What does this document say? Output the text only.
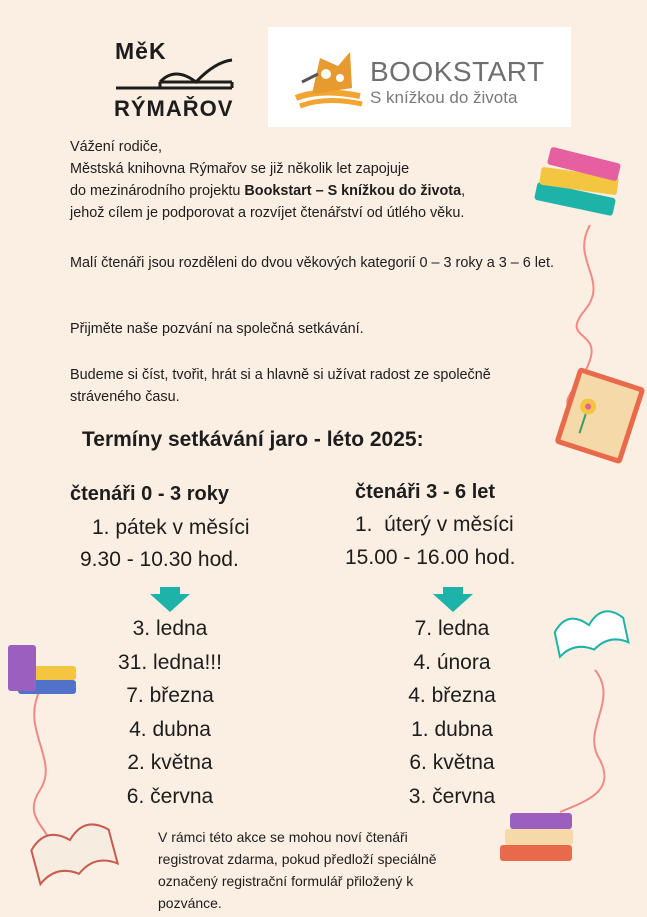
MěK
RÝMAŘOV
BOOKSTART
S knížkou do života
Vážení rodiče,
Městská knihovna Rýmařov se již několik let zapojuje
do mezinárodního projektu Bookstart – S knížkou do života,
jehož cílem je podporovat a rozvíjet čtenářství od útlého věku.
Malí čtenáři jsou rozděleni do dvou věkových kategorií 0 – 3 roky a 3 – 6 let.
Přijměte naše pozvání na společná setkávání.
Budeme si číst, tvořit, hrát si a hlavně si užívat radost ze společně stráveného času.
Termíny setkávání jaro - léto 2025:
čtenáři 0 - 3 roky
1. pátek v měsíci
9.30 - 10.30 hod.
3. ledna
31. ledna!!!
7. března
4. dubna
2. května
6. června
čtenáři 3 - 6 let
1.  úterý v měsíci
15.00 - 16.00 hod.
7. ledna
4. února
4. března
1. dubna
6. května
3. června
V rámci této akce se mohou noví čtenáři registrovat zdarma, pokud předloží speciálně označený registrační formulář přiložený k pozvánce.
